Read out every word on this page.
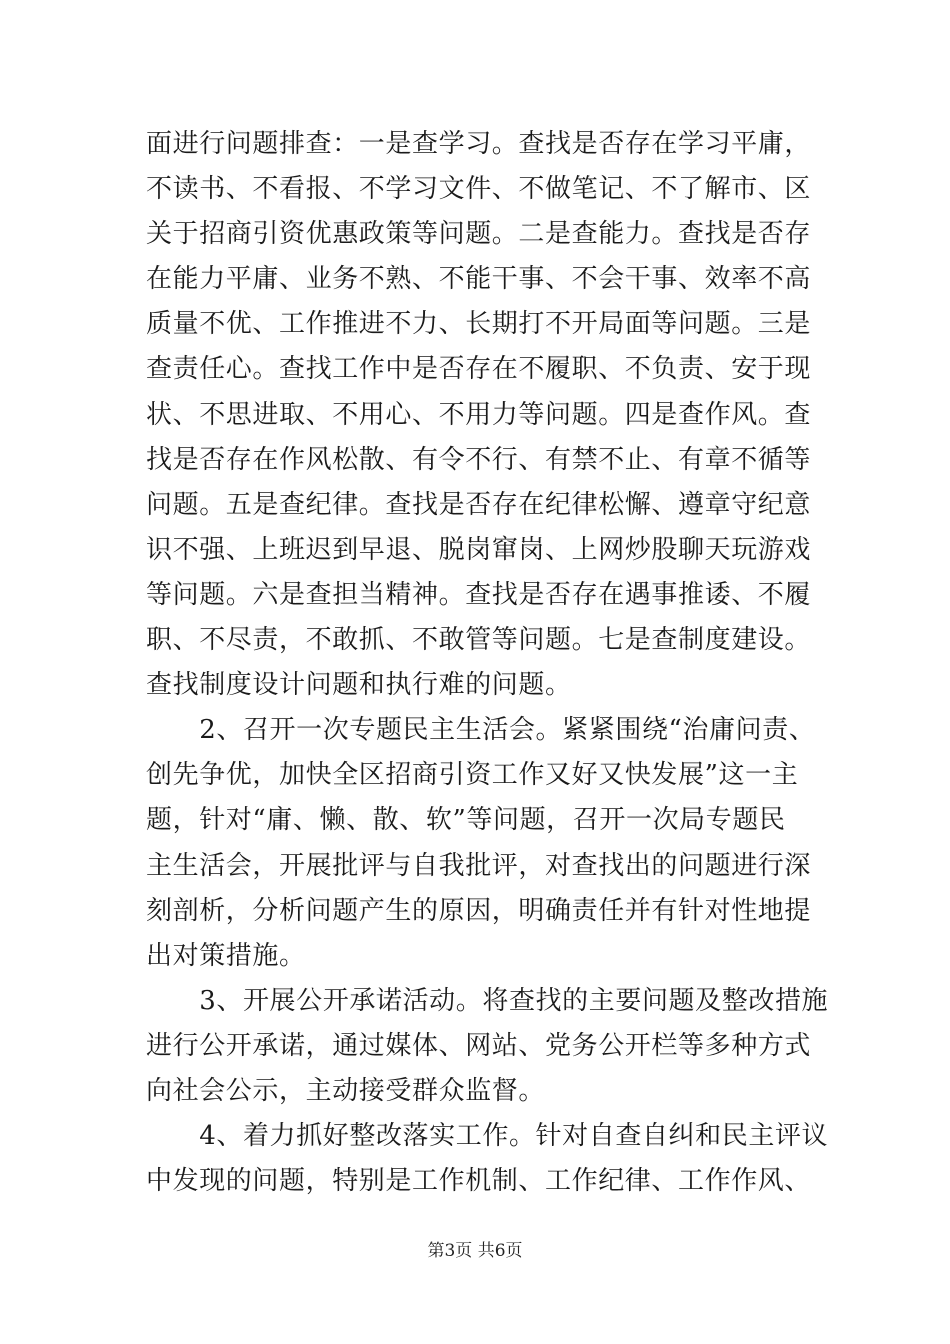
面进行问题排查：一是查学习。查找是否存在学习平庸，
不读书、不看报、不学习文件、不做笔记、不了解市、区
关于招商引资优惠政策等问题。二是查能力。查找是否存
在能力平庸、业务不熟、不能干事、不会干事、效率不高
质量不优、工作推进不力、长期打不开局面等问题。三是
查责任心。查找工作中是否存在不履职、不负责、安于现
状、不思进取、不用心、不用力等问题。四是查作风。查
找是否存在作风松散、有令不行、有禁不止、有章不循等
问题。五是查纪律。查找是否存在纪律松懈、遵章守纪意
识不强、上班迟到早退、脱岗窜岗、上网炒股聊天玩游戏
等问题。六是查担当精神。查找是否存在遇事推诿、不履
职、不尽责，不敢抓、不敢管等问题。七是查制度建设。
查找制度设计问题和执行难的问题。
　　2、召开一次专题民主生活会。紧紧围绕“治庸问责、
创先争优，加快全区招商引资工作又好又快发展”这一主
题，针对“庸、懒、散、软”等问题，召开一次局专题民
主生活会，开展批评与自我批评，对查找出的问题进行深
刻剖析，分析问题产生的原因，明确责任并有针对性地提
出对策措施。
　　3、开展公开承诺活动。将查找的主要问题及整改措施
进行公开承诺，通过媒体、网站、党务公开栏等多种方式
向社会公示，主动接受群众监督。
　　4、着力抓好整改落实工作。针对自查自纠和民主评议
中发现的问题，特别是工作机制、工作纪律、工作作风、
第3页 共6页
